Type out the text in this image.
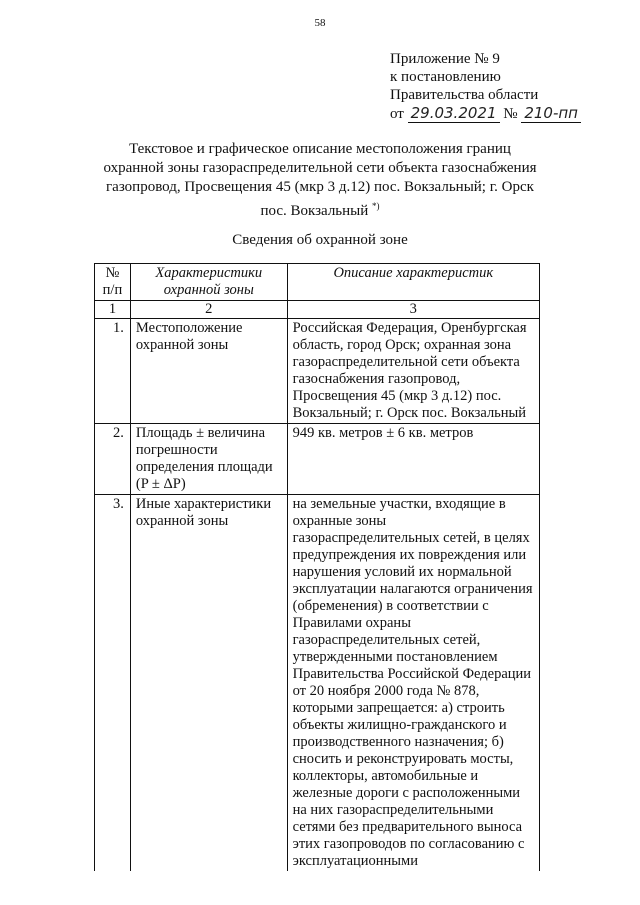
58
Приложение № 9
к постановлению
Правительства области
от 29.03.2021 № 210-пп
Текстовое и графическое описание местоположения границ
охранной зоны газораспределительной сети объекта газоснабжения
газопровод, Просвещения 45 (мкр 3 д.12) пос. Вокзальный; г. Орск
пос. Вокзальный *)
Сведения об охранной зоне
№ п/п	Характеристики охранной зоны	Описание характеристик
1	2	3
1.	Местоположение охранной зоны	Российская Федерация, Оренбургская область, город Орск; охранная зона газораспределительной сети объекта газоснабжения газопровод, Просвещения 45 (мкр 3 д.12) пос. Вокзальный; г. Орск пос. Вокзальный
2.	Площадь ± величина погрешности определения площади (P ± ΔP)	949 кв. метров ± 6 кв. метров
3.	Иные характеристики охранной зоны	на земельные участки, входящие в охранные зоны газораспределительных сетей, в целях предупреждения их повреждения или нарушения условий их нормальной эксплуатации налагаются ограничения (обременения) в соответствии с Правилами охраны газораспределительных сетей, утвержденными постановлением Правительства Российской Федерации от 20 ноября 2000 года № 878, которыми запрещается: а) строить объекты жилищно-гражданского и производственного назначения; б) сносить и реконструировать мосты, коллекторы, автомобильные и железные дороги с расположенными на них газораспределительными сетями без предварительного выноса этих газопроводов по согласованию с эксплуатационными
